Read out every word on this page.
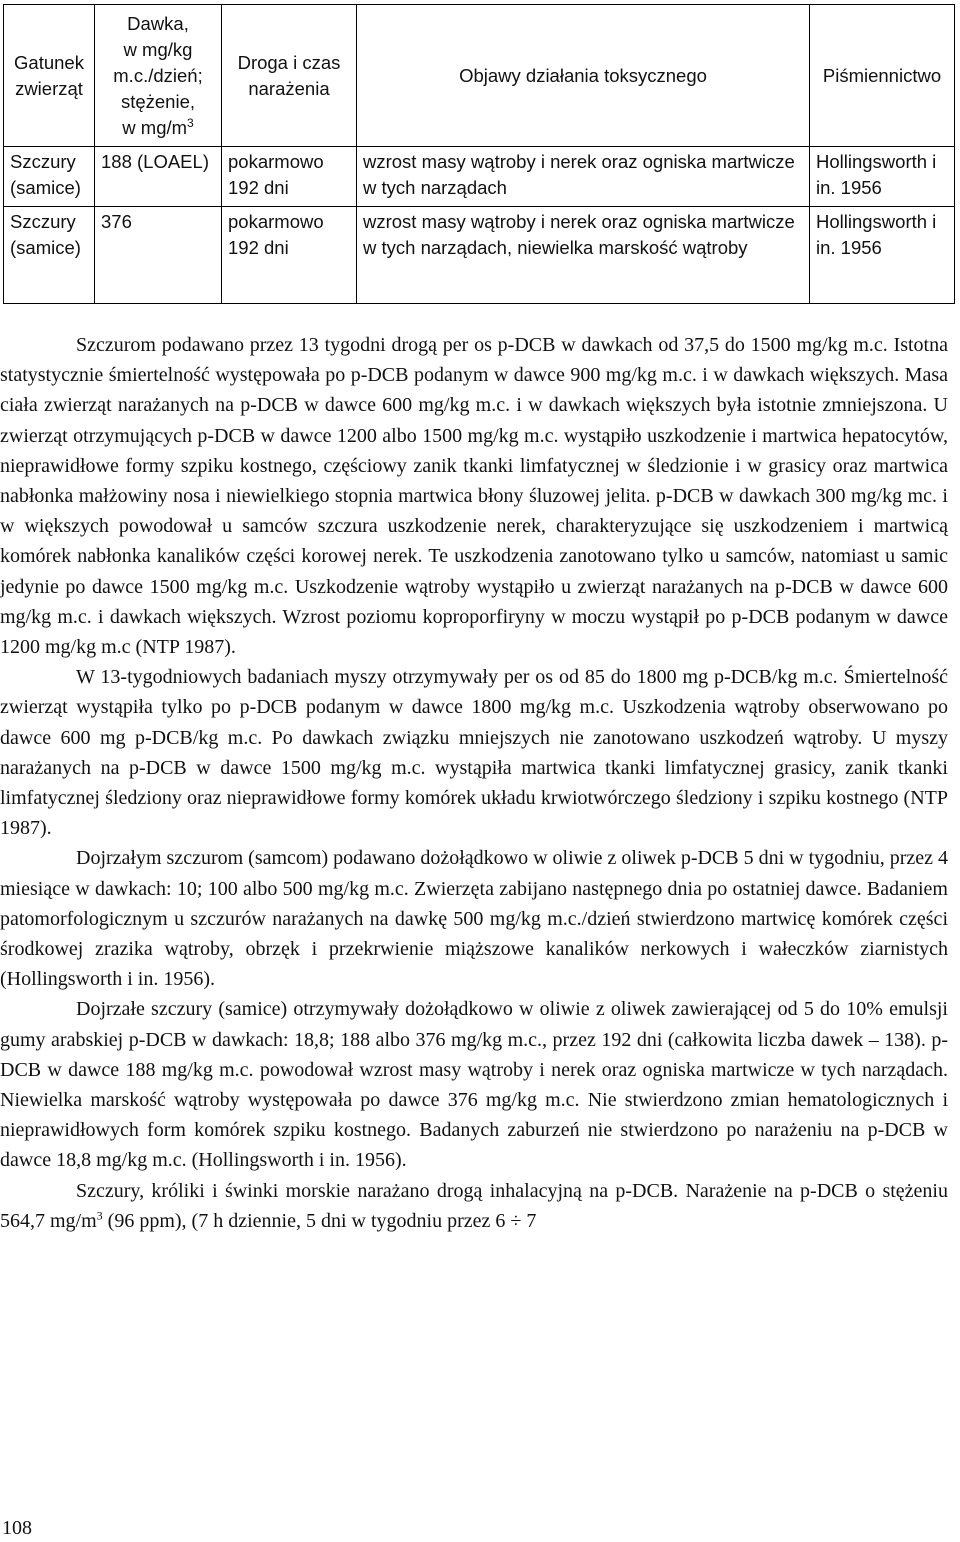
Gatunek zwierząt	Dawka,
w mg/kg
m.c./dzień;
stężenie,
w $mg/m^3$	Droga i czas narażenia	Objawy działania toksycznego	Piśmiennictwo
Szczury (samice)	188 (LOAEL)	pokarmowo 192 dni	wzrost masy wątroby i nerek oraz ogniska martwicze w tych narządach	Hollingsworth i in. 1956
Szczury (samice)	376	pokarmowo 192 dni	wzrost masy wątroby i nerek oraz ogniska martwicze w tych narządach, niewielka marskość wątroby	Hollingsworth i in. 1956

Szczurom podawano przez 13 tygodni drogą per os p-DCB w dawkach od 37,5 do 1500 mg/kg m.c. Istotna statystycznie śmiertelność występowała po p-DCB podanym w dawce 900 mg/kg m.c. i w dawkach większych. Masa ciała zwierząt narażanych na p-DCB w dawce 600 mg/kg m.c. i w dawkach większych była istotnie zmniejszona. U zwierząt otrzymujących p-DCB w dawce 1200 albo 1500 mg/kg m.c. wystąpiło uszkodzenie i martwica hepatocytów, nieprawidłowe formy szpiku kostnego, częściowy zanik tkanki limfatycznej w śledzionie i w grasicy oraz martwica nabłonka małżowiny nosa i niewielkiego stopnia martwica błony śluzowej jelita. p-DCB w dawkach 300 mg/kg mc. i w większych powodował u samców szczura uszkodzenie nerek, charakteryzujące się uszkodzeniem i martwicą komórek nabłonka kanalików części korowej nerek. Te uszkodzenia zanotowano tylko u samców, natomiast u samic jedynie po dawce 1500 mg/kg m.c. Uszkodzenie wątroby wystąpiło u zwierząt narażanych na p-DCB w dawce 600 mg/kg m.c. i dawkach większych. Wzrost poziomu koproporfiryny w moczu wystąpił po p-DCB podanym w dawce 1200 mg/kg m.c (NTP 1987).

W 13-tygodniowych badaniach myszy otrzymywały per os od 85 do 1800 mg p-DCB/kg m.c. Śmiertelność zwierząt wystąpiła tylko po p-DCB podanym w dawce 1800 mg/kg m.c. Uszkodzenia wątroby obserwowano po dawce 600 mg p-DCB/kg m.c. Po dawkach związku mniejszych nie zanotowano uszkodzeń wątroby. U myszy narażanych na p-DCB w dawce 1500 mg/kg m.c. wystąpiła martwica tkanki limfatycznej grasicy, zanik tkanki limfatycznej śledziony oraz nieprawidłowe formy komórek układu krwiotwórczego śledziony i szpiku kostnego (NTP 1987).

Dojrzałym szczurom (samcom) podawano dożołądkowo w oliwie z oliwek p-DCB 5 dni w tygodniu, przez 4 miesiące w dawkach: 10; 100 albo 500 mg/kg m.c. Zwierzęta zabijano następnego dnia po ostatniej dawce. Badaniem patomorfologicznym u szczurów narażanych na dawkę 500 mg/kg m.c./dzień stwierdzono martwicę komórek części środkowej zrazika wątroby, obrzęk i przekrwienie miąższowe kanalików nerkowych i wałeczków ziarnistych (Hollingsworth i in. 1956).

Dojrzałe szczury (samice) otrzymywały dożołądkowo w oliwie z oliwek zawierającej od 5 do 10% emulsji gumy arabskiej p-DCB w dawkach: 18,8; 188 albo 376 mg/kg m.c., przez 192 dni (całkowita liczba dawek – 138). p-DCB w dawce 188 mg/kg m.c. powodował wzrost masy wątroby i nerek oraz ogniska martwicze w tych narządach. Niewielka marskość wątroby występowała po dawce 376 mg/kg m.c. Nie stwierdzono zmian hematologicznych i nieprawidłowych form komórek szpiku kostnego. Badanych zaburzeń nie stwierdzono po narażeniu na p-DCB w dawce 18,8 mg/kg m.c. (Hollingsworth i in. 1956).

Szczury, króliki i świnki morskie narażano drogą inhalacyjną na p-DCB. Narażenie na p-DCB o stężeniu 564,7 $mg/m^3$ (96 ppm), (7 h dziennie, 5 dni w tygodniu przez 6 ÷ 7

108
